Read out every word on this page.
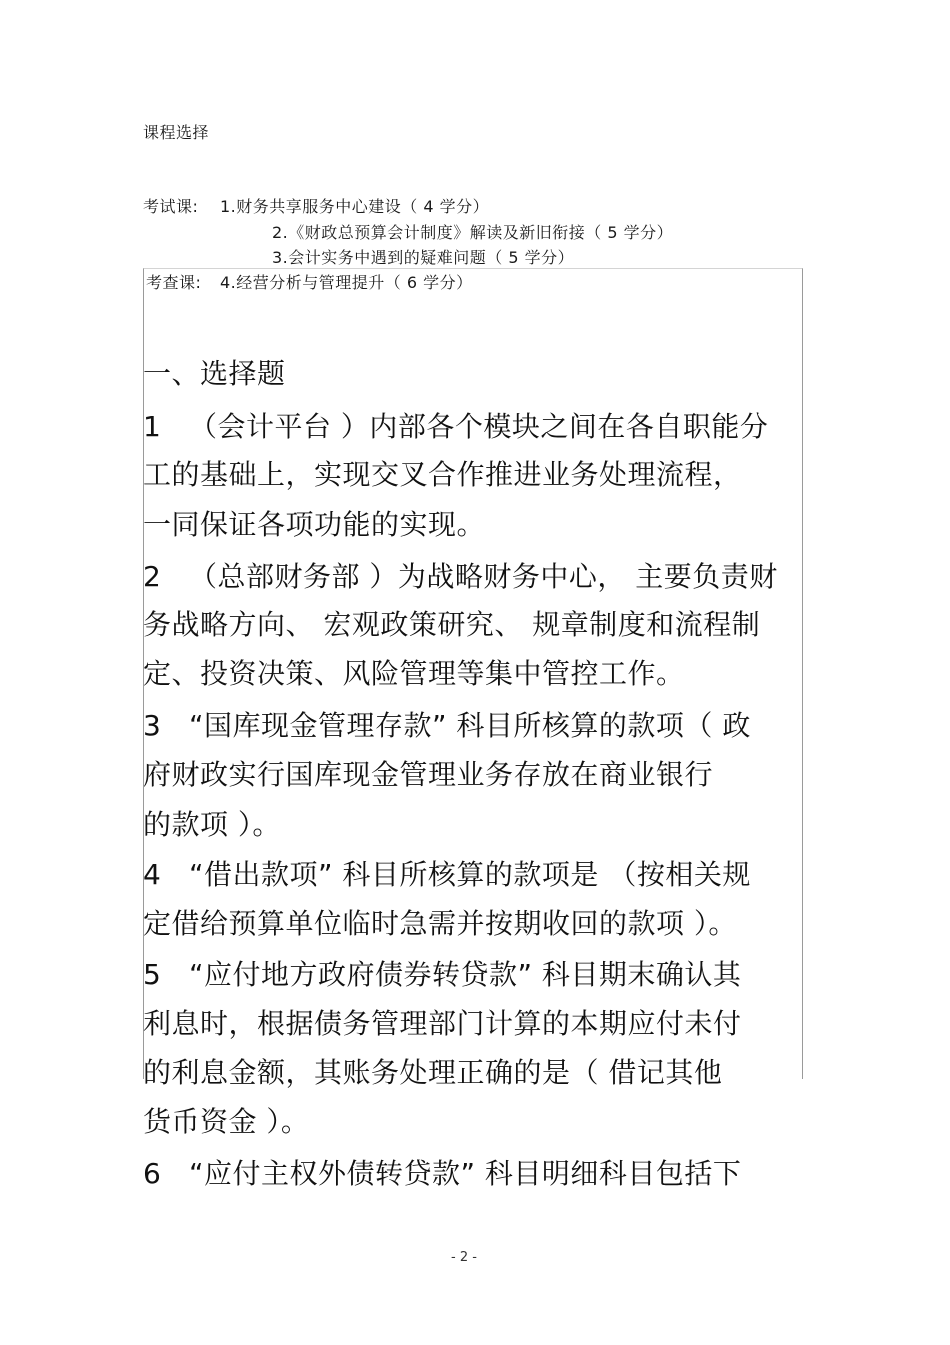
课程选择
考试课: 1.财务共享服务中心建设（ 4 学分）
2.《财政总预算会计制度》解读及新旧衔接（ 5 学分）
3.会计实务中遇到的疑难问题（ 5 学分）
考查课: 4.经营分析与管理提升（ 6 学分）
一、选择题
1 （会计平台 ）内部各个模块之间在各自职能分
工的基础上，实现交叉合作推进业务处理流程，
一同保证各项功能的实现。
2 （总部财务部 ）为战略财务中心， 主要负责财
务战略方向、 宏观政策研究、 规章制度和流程制
定、投资决策、风险管理等集中管控工作。
3 “国库现金管理存款” 科目所核算的款项（ 政
府财政实行国库现金管理业务存放在商业银行
的款项 ）。
4 “借出款项” 科目所核算的款项是 （按相关规
定借给预算单位临时急需并按期收回的款项 ）。
5 “应付地方政府债券转贷款” 科目期末确认其
利息时，根据债务管理部门计算的本期应付未付
的利息金额，其账务处理正确的是（ 借记其他
货币资金 ）。
6 “应付主权外债转贷款” 科目明细科目包括下
- 2 -
